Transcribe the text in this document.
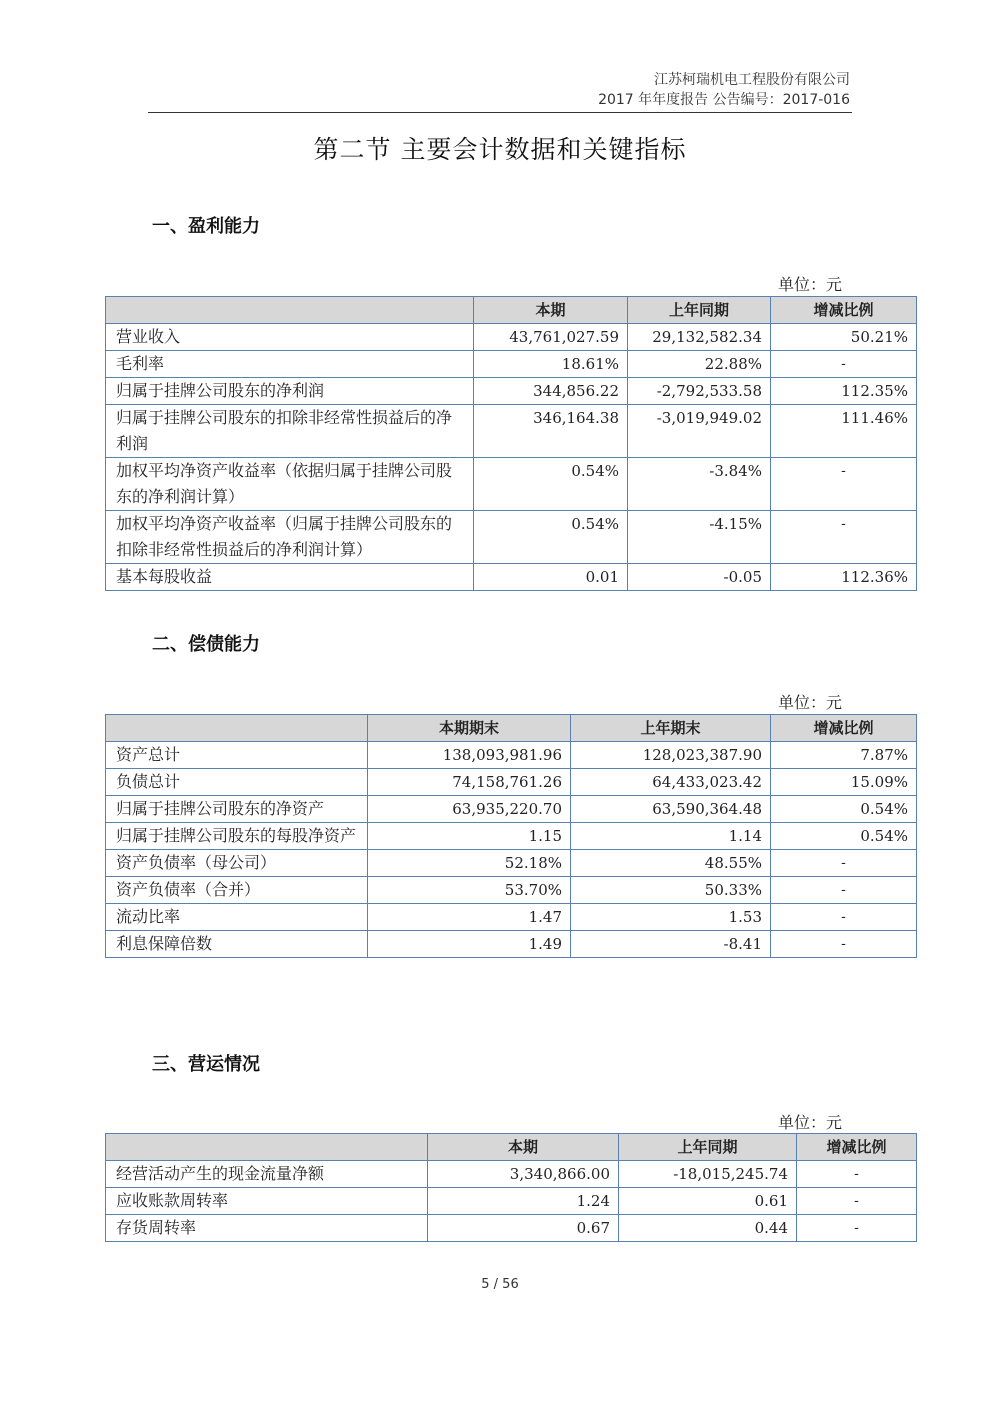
江苏柯瑞机电工程股份有限公司
2017 年年度报告 公告编号：2017-016
第二节 主要会计数据和关键指标
一、盈利能力
单位：元
	本期	上年同期	增减比例
营业收入	43,761,027.59	29,132,582.34	50.21%
毛利率	18.61%	22.88%	-
归属于挂牌公司股东的净利润	344,856.22	-2,792,533.58	112.35%
归属于挂牌公司股东的扣除非经常性损益后的净利润	346,164.38	-3,019,949.02	111.46%
加权平均净资产收益率（依据归属于挂牌公司股东的净利润计算）	0.54%	-3.84%	-
加权平均净资产收益率（归属于挂牌公司股东的扣除非经常性损益后的净利润计算）	0.54%	-4.15%	-
基本每股收益	0.01	-0.05	112.36%
二、偿债能力
单位：元
	本期期末	上年期末	增减比例
资产总计	138,093,981.96	128,023,387.90	7.87%
负债总计	74,158,761.26	64,433,023.42	15.09%
归属于挂牌公司股东的净资产	63,935,220.70	63,590,364.48	0.54%
归属于挂牌公司股东的每股净资产	1.15	1.14	0.54%
资产负债率（母公司）	52.18%	48.55%	-
资产负债率（合并）	53.70%	50.33%	-
流动比率	1.47	1.53	-
利息保障倍数	1.49	-8.41	-
三、营运情况
单位：元
	本期	上年同期	增减比例
经营活动产生的现金流量净额	3,340,866.00	-18,015,245.74	-
应收账款周转率	1.24	0.61	-
存货周转率	0.67	0.44	-
5 / 56
